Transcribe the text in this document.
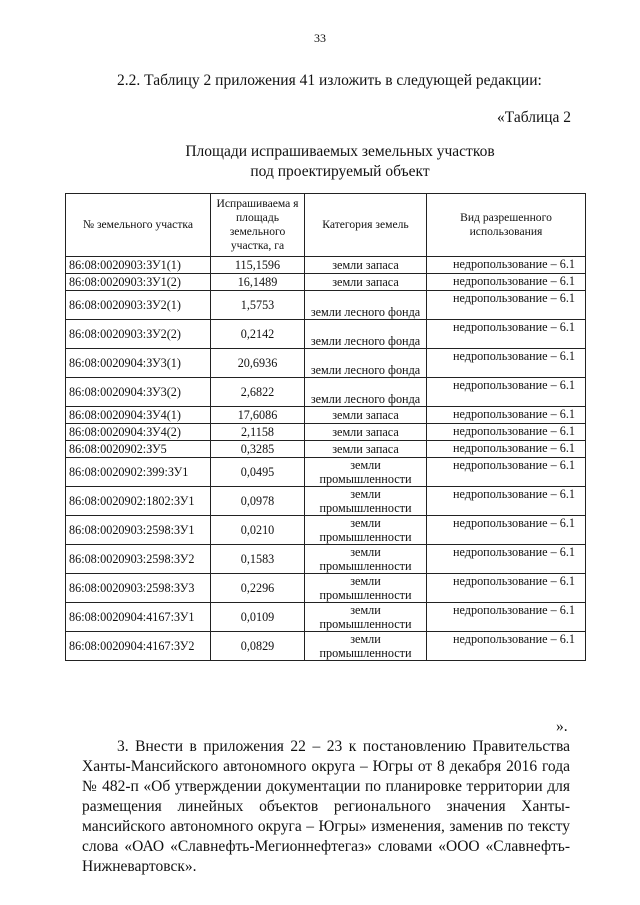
33
2.2. Таблицу 2 приложения 41 изложить в следующей редакции:
«Таблица 2
Площади испрашиваемых земельных участков
под проектируемый объект
№ земельного участка	Испрашиваема я площадь земельного участка, га	Категория земель	Вид разрешенного использования
86:08:0020903:ЗУ1(1)	115,1596	земли запаса	недропользование – 6.1
86:08:0020903:ЗУ1(2)	16,1489	земли запаса	недропользование – 6.1
86:08:0020903:ЗУ2(1)	1,5753	земли лесного фонда	недропользование – 6.1
86:08:0020903:ЗУ2(2)	0,2142	земли лесного фонда	недропользование – 6.1
86:08:0020904:ЗУ3(1)	20,6936	земли лесного фонда	недропользование – 6.1
86:08:0020904:ЗУ3(2)	2,6822	земли лесного фонда	недропользование – 6.1
86:08:0020904:ЗУ4(1)	17,6086	земли запаса	недропользование – 6.1
86:08:0020904:ЗУ4(2)	2,1158	земли запаса	недропользование – 6.1
86:08:0020902:ЗУ5	0,3285	земли запаса	недропользование – 6.1
86:08:0020902:399:ЗУ1	0,0495	земли промышленности	недропользование – 6.1
86:08:0020902:1802:ЗУ1	0,0978	земли промышленности	недропользование – 6.1
86:08:0020903:2598:ЗУ1	0,0210	земли промышленности	недропользование – 6.1
86:08:0020903:2598:ЗУ2	0,1583	земли промышленности	недропользование – 6.1
86:08:0020903:2598:ЗУ3	0,2296	земли промышленности	недропользование – 6.1
86:08:0020904:4167:ЗУ1	0,0109	земли промышленности	недропользование – 6.1
86:08:0020904:4167:ЗУ2	0,0829	земли промышленности	недропользование – 6.1
».
3. Внести в приложения 22 – 23 к постановлению Правительства Ханты-Мансийского автономного округа – Югры от 8 декабря 2016 года № 482-п «Об утверждении документации по планировке территории для размещения линейных объектов регионального значения Ханты-мансийского автономного округа – Югры» изменения, заменив по тексту слова «ОАО «Славнефть-Мегионнефтегаз» словами «ООО «Славнефть-Нижневартовск».
